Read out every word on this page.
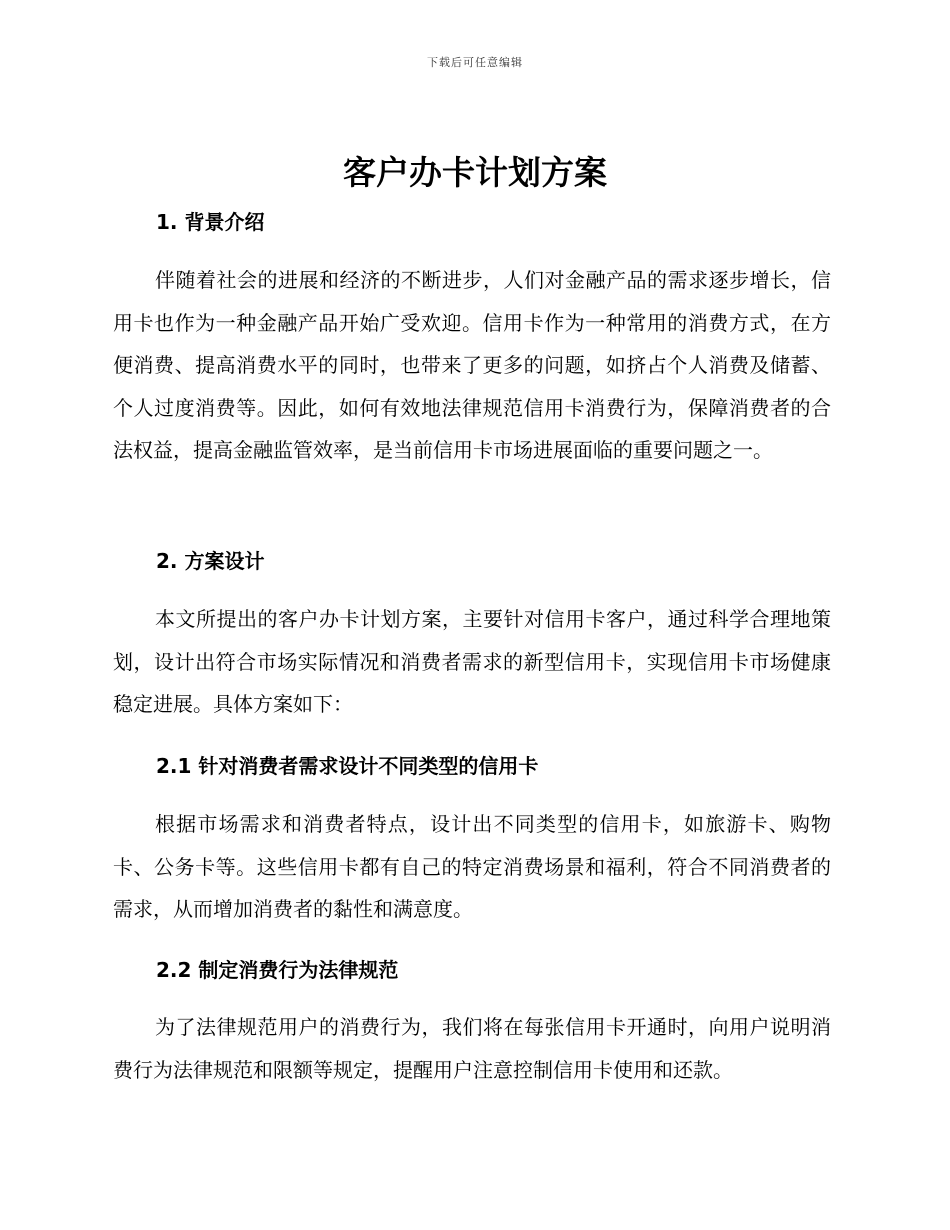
下载后可任意编辑
客户办卡计划方案
1. 背景介绍

伴随着社会的进展和经济的不断进步，人们对金融产品的需求逐步增长，信用卡也作为一种金融产品开始广受欢迎。信用卡作为一种常用的消费方式，在方便消费、提高消费水平的同时，也带来了更多的问题，如挤占个人消费及储蓄、个人过度消费等。因此，如何有效地法律规范信用卡消费行为，保障消费者的合法权益，提高金融监管效率，是当前信用卡市场进展面临的重要问题之一。

2. 方案设计

本文所提出的客户办卡计划方案，主要针对信用卡客户，通过科学合理地策划，设计出符合市场实际情况和消费者需求的新型信用卡，实现信用卡市场健康稳定进展。具体方案如下：

2.1 针对消费者需求设计不同类型的信用卡

根据市场需求和消费者特点，设计出不同类型的信用卡，如旅游卡、购物卡、公务卡等。这些信用卡都有自己的特定消费场景和福利，符合不同消费者的需求，从而增加消费者的黏性和满意度。

2.2 制定消费行为法律规范

为了法律规范用户的消费行为，我们将在每张信用卡开通时，向用户说明消费行为法律规范和限额等规定，提醒用户注意控制信用卡使用和还款。
